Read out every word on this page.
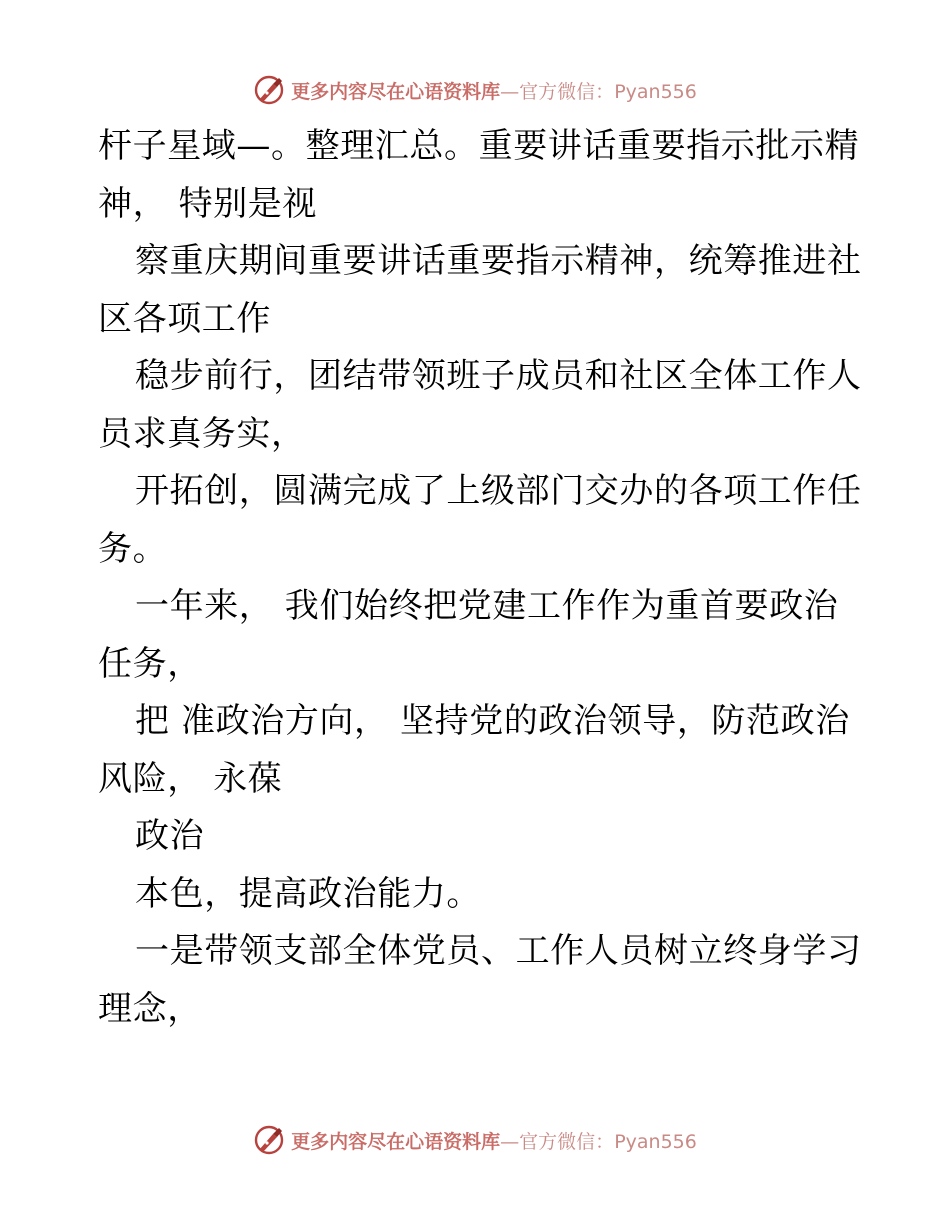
更多内容尽在心语资料库—官方微信：Pyan556
杆子星域—。整理汇总。重要讲话重要指示批示精
神， 特别是视
察重庆期间重要讲话重要指示精神，统筹推进社
区各项工作
稳步前行，团结带领班子成员和社区全体工作人
员求真务实，
开拓创，圆满完成了上级部门交办的各项工作任
务。
一年来， 我们始终把党建工作作为重首要政治
任务，
把 准政治方向， 坚持党的政治领导，防范政治
风险， 永葆
政治
本色，提高政治能力。
一是带领支部全体党员、工作人员树立终身学习
理念，
更多内容尽在心语资料库—官方微信：Pyan556
